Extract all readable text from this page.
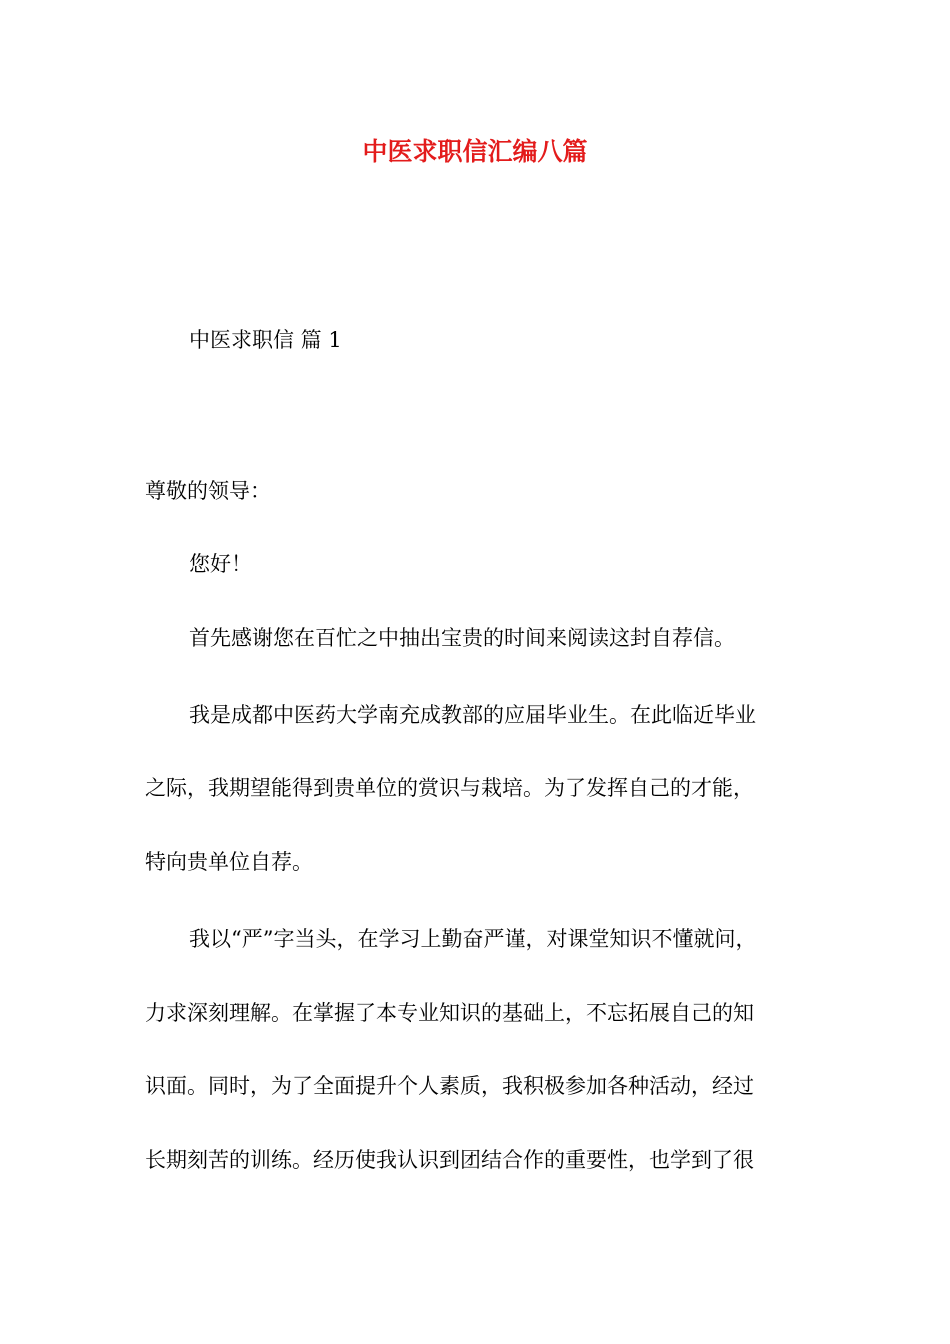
中医求职信汇编八篇
中医求职信 篇 1
尊敬的领导：
您好！
首先感谢您在百忙之中抽出宝贵的时间来阅读这封自荐信。
我是成都中医药大学南充成教部的应届毕业生。在此临近毕业
之际，我期望能得到贵单位的赏识与栽培。为了发挥自己的才能，
特向贵单位自荐。
我以“严”字当头，在学习上勤奋严谨，对课堂知识不懂就问，
力求深刻理解。在掌握了本专业知识的基础上，不忘拓展自己的知
识面。同时，为了全面提升个人素质，我积极参加各种活动，经过
长期刻苦的训练。经历使我认识到团结合作的重要性，也学到了很
